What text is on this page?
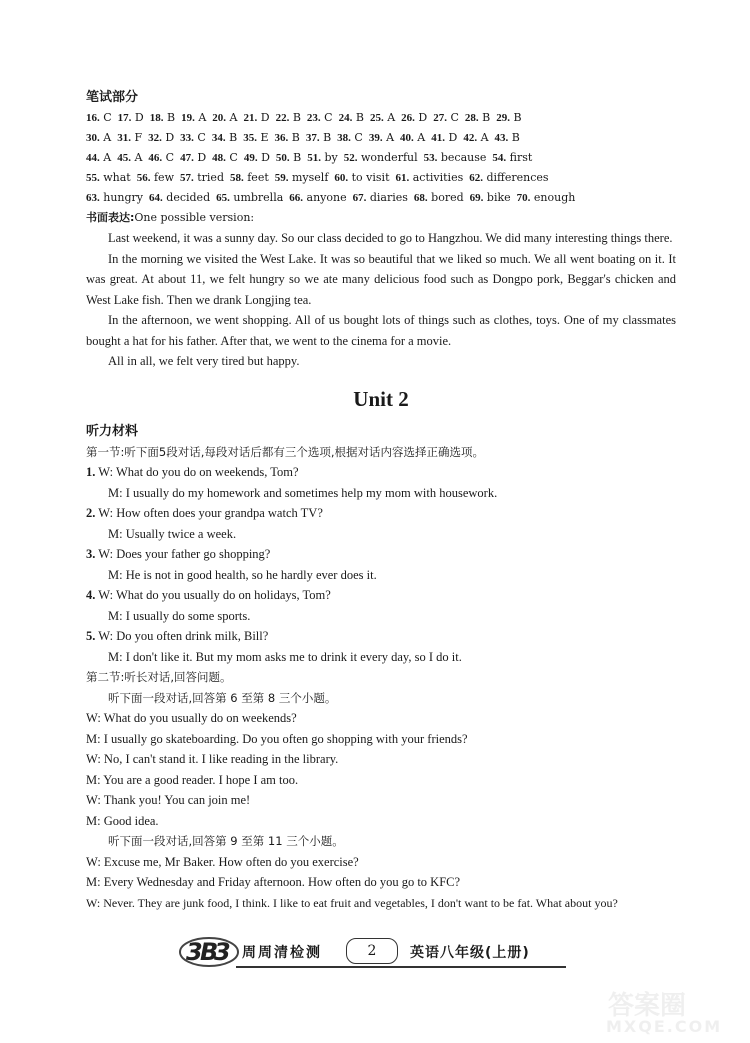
笔试部分
16. C 17. D 18. B 19. A 20. A 21. D 22. B 23. C 24. B 25. A 26. D 27. C 28. B 29. B
30. A 31. F 32. D 33. C 34. B 35. E 36. B 37. B 38. C 39. A 40. A 41. D 42. A 43. B
44. A 45. A 46. C 47. D 48. C 49. D 50. B 51. by 52. wonderful 53. because 54. first
55. what 56. few 57. tried 58. feet 59. myself 60. to visit 61. activities 62. differences
63. hungry 64. decided 65. umbrella 66. anyone 67. diaries 68. bored 69. bike 70. enough
书面表达:One possible version:

Last weekend, it was a sunny day. So our class decided to go to Hangzhou. We did many interesting things there.

In the morning we visited the West Lake. It was so beautiful that we liked so much. We all went boating on it. It was great. At about 11, we felt hungry so we ate many delicious food such as Dongpo pork, Beggar's chicken and West Lake fish. Then we drank Longjing tea.

In the afternoon, we went shopping. All of us bought lots of things such as clothes, toys. One of my classmates bought a hat for his father. After that, we went to the cinema for a movie.

All in all, we felt very tired but happy.

Unit 2
听力材料
第一节:听下面5段对话,每段对话后都有三个选项,根据对话内容选择正确选项。
1. W: What do you do on weekends, Tom?
M: I usually do my homework and sometimes help my mom with housework.
2. W: How often does your grandpa watch TV?
M: Usually twice a week.
3. W: Does your father go shopping?
M: He is not in good health, so he hardly ever does it.
4. W: What do you usually do on holidays, Tom?
M: I usually do some sports.
5. W: Do you often drink milk, Bill?
M: I don't like it. But my mom asks me to drink it every day, so I do it.
第二节:听长对话,回答问题。
听下面一段对话,回答第 6 至第 8 三个小题。
W: What do you usually do on weekends?
M: I usually go skateboarding. Do you often go shopping with your friends?
W: No, I can't stand it. I like reading in the library.
M: You are a good reader. I hope I am too.
W: Thank you! You can join me!
M: Good idea.
听下面一段对话,回答第 9 至第 11 三个小题。
W: Excuse me, Mr Baker. How often do you exercise?
M: Every Wednesday and Friday afternoon. How often do you go to KFC?
W: Never. They are junk food, I think. I like to eat fruit and vegetables, I don't want to be fat. What about you?
3
B
3 周周清检测	2	英语八年级(上册)
答案圈
MXQE.COM
